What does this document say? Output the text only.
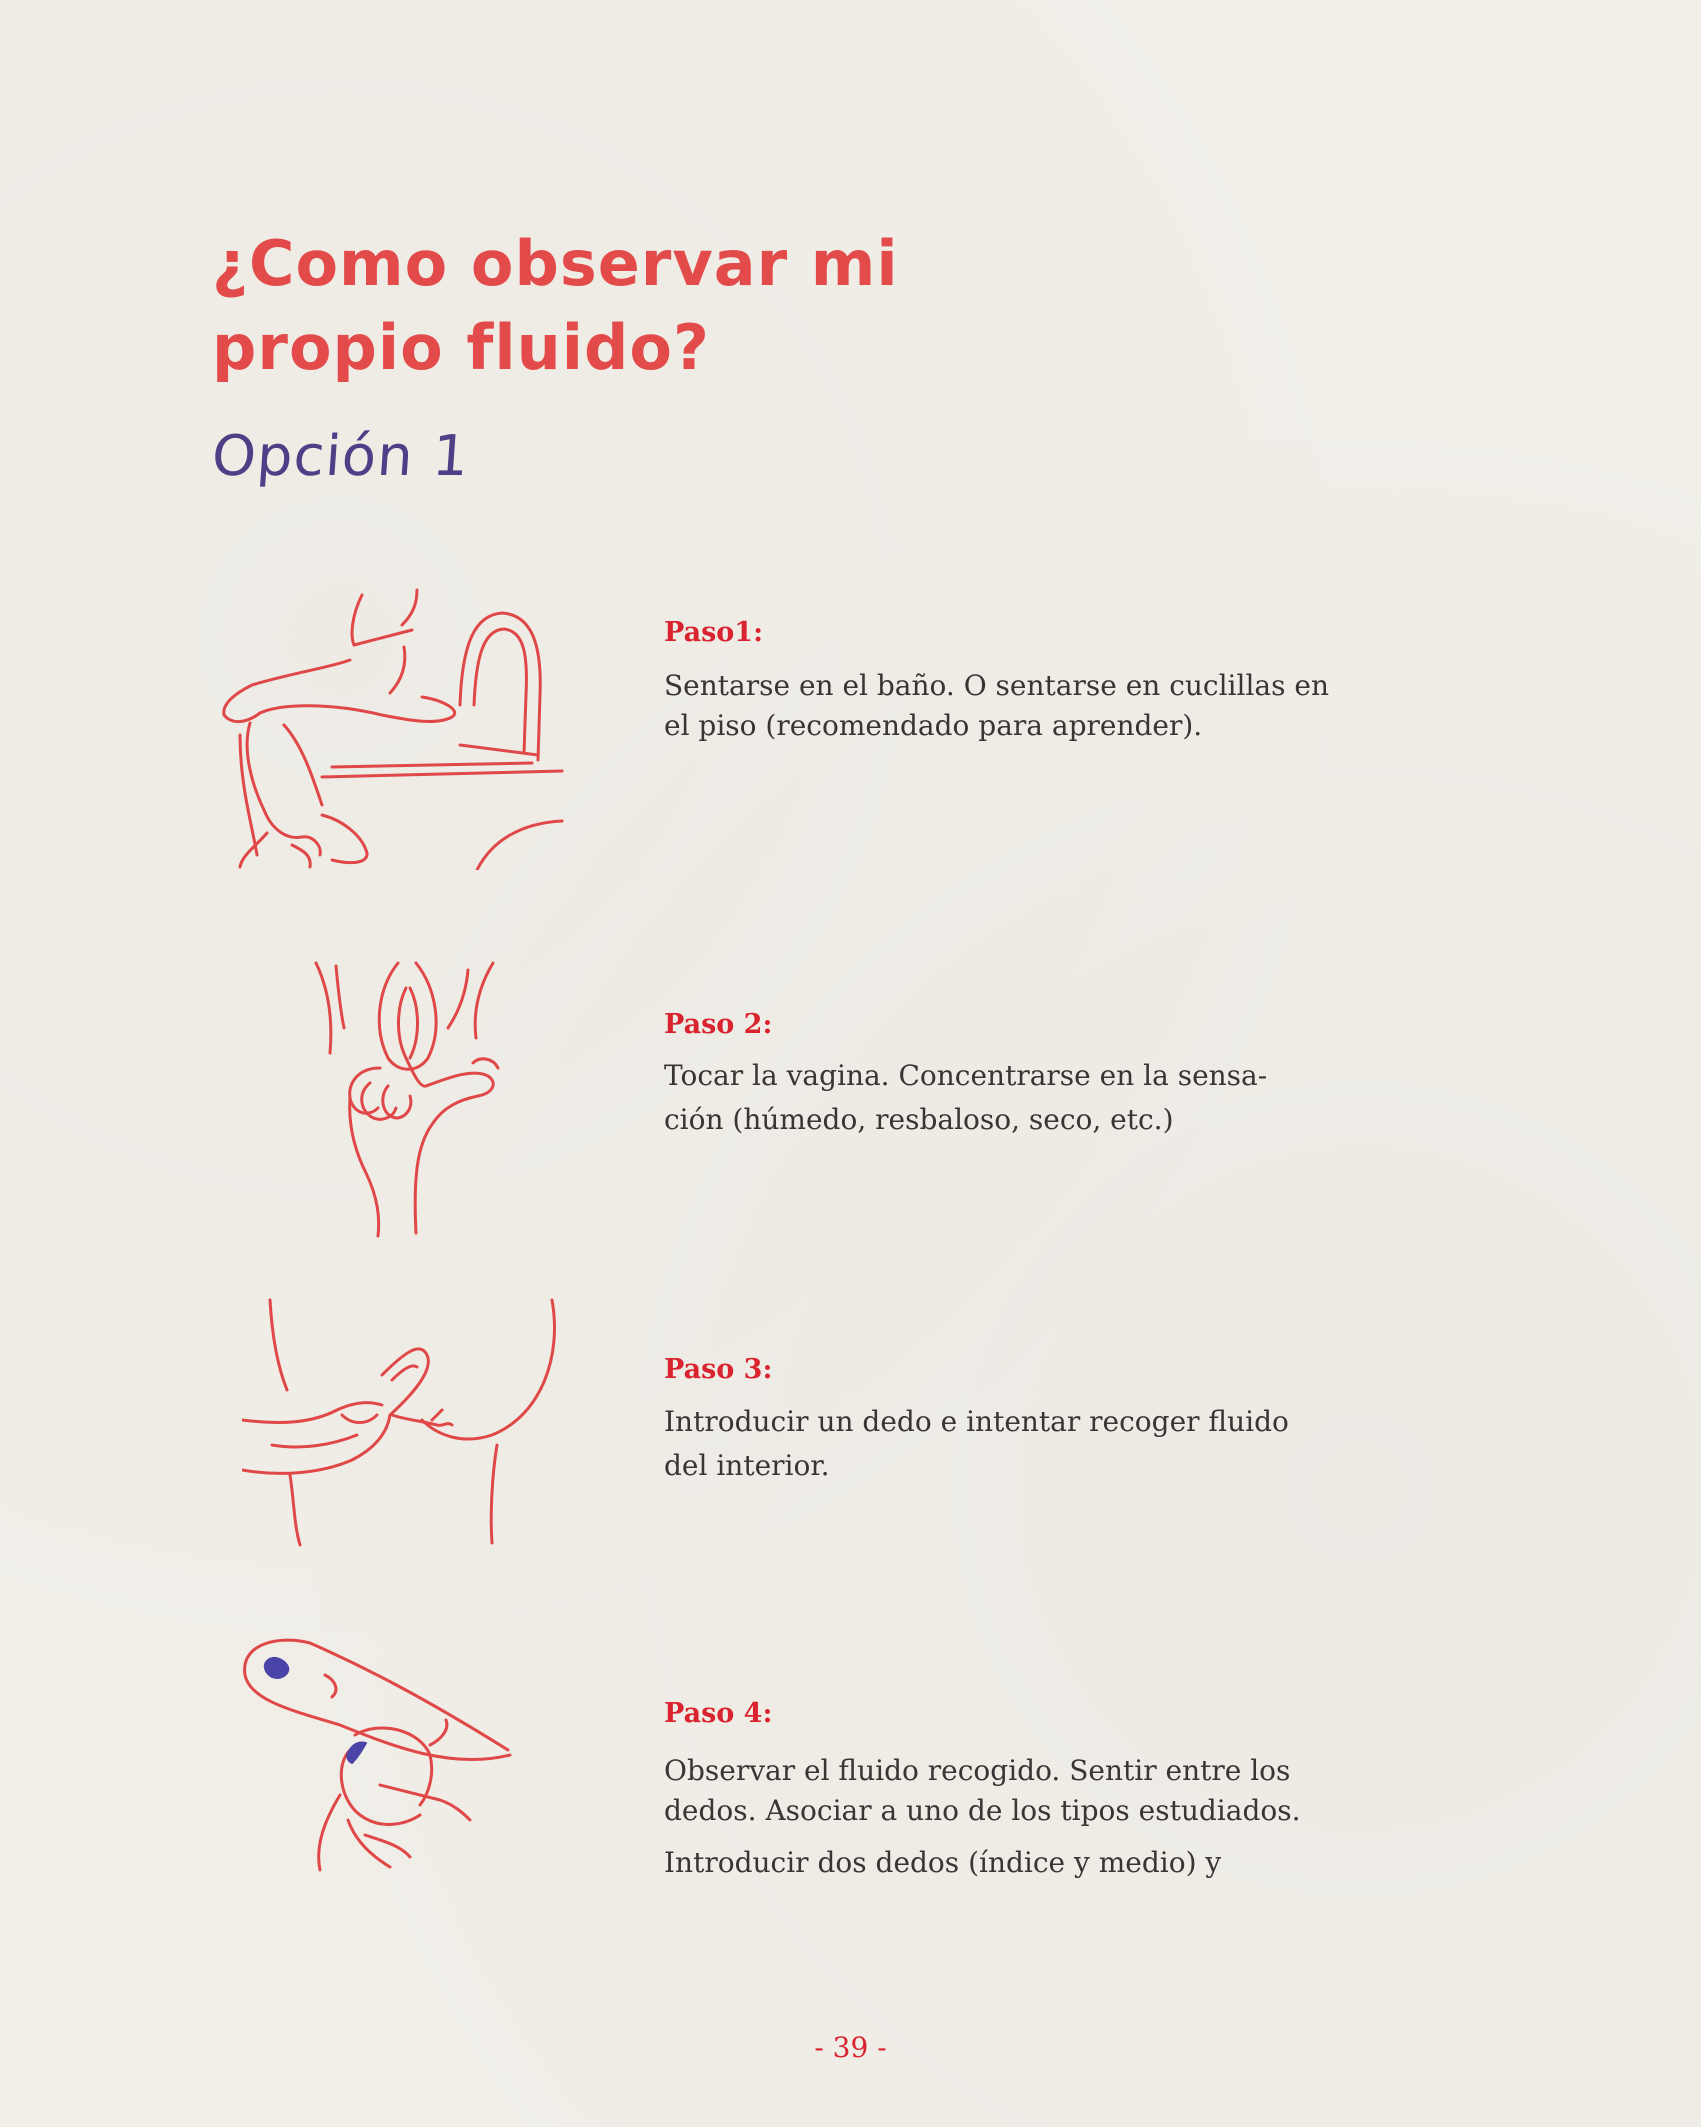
¿Como observar mi
propio fluido?
Opción 1
Paso1:

Sentarse en el baño. O sentarse en cuclillas en
el piso (recomendado para aprender).

Paso 2:

Tocar la vagina. Concentrarse en la sensa-
ción (húmedo, resbaloso, seco, etc.)

Paso 3:

Introducir un dedo e intentar recoger fluido
del interior.

Paso 4:

Observar el fluido recogido. Sentir entre los
dedos. Asociar a uno de los tipos estudiados.
Introducir dos dedos (índice y medio) y

- 39 -
